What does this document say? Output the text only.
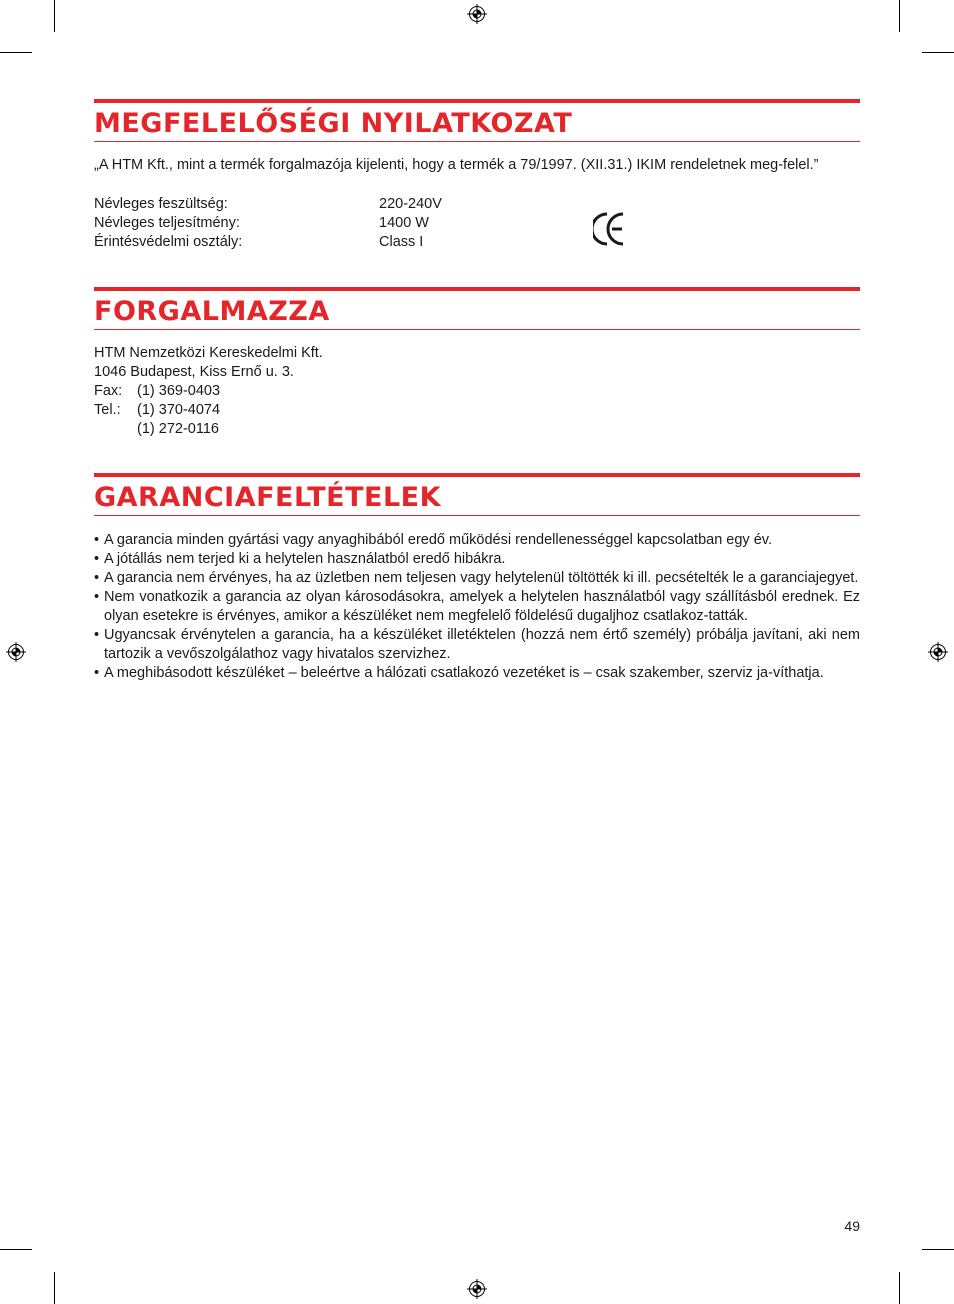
MEGFELELŐSÉGI NYILATKOZAT
„A HTM Kft., mint a termék forgalmazója kijelenti, hogy a termék a 79/1997. (XII.31.) IKIM rendeletnek meg-felel.”
Névleges feszültség:	220-240V
Névleges teljesítmény:	1400 W
Érintésvédelmi osztály:	Class I
FORGALMAZZA
HTM Nemzetközi Kereskedelmi Kft.
1046 Budapest, Kiss Ernő u. 3.
Fax: (1) 369-0403
Tel.: (1) 370-4074
(1) 272-0116
GARANCIAFELTÉTELEK
• A garancia minden gyártási vagy anyaghibából eredő működési rendellenességgel kapcsolatban egy év.
• A jótállás nem terjed ki a helytelen használatból eredő hibákra.
• A garancia nem érvényes, ha az üzletben nem teljesen vagy helytelenül töltötték ki ill. pecsételték le a garanciajegyet.
• Nem vonatkozik a garancia az olyan károsodásokra, amelyek a helytelen használatból vagy szállításból erednek. Ez olyan esetekre is érvényes, amikor a készüléket nem megfelelő földelésű dugaljhoz csatlakoz-tatták.
• Ugyancsak érvénytelen a garancia, ha a készüléket illetéktelen (hozzá nem értő személy) próbálja javítani, aki nem tartozik a vevőszolgálathoz vagy hivatalos szervizhez.
• A meghibásodott készüléket – beleértve a hálózati csatlakozó vezetéket is – csak szakember, szerviz ja-víthatja.
49
